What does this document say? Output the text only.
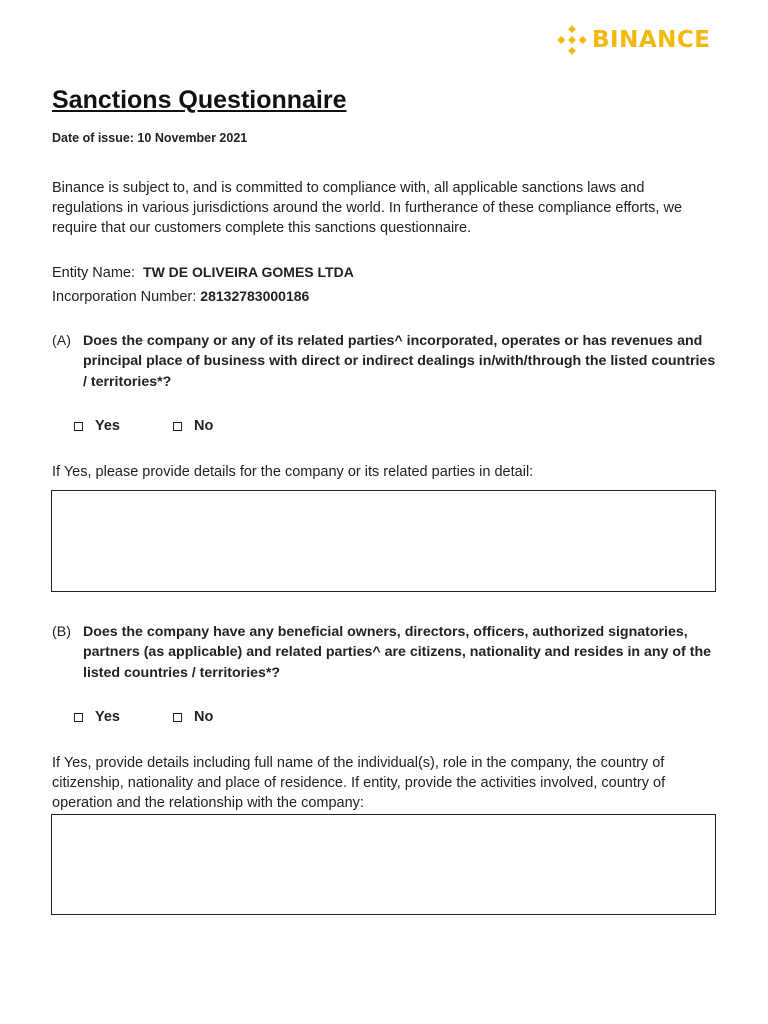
BINANCE
Sanctions Questionnaire
Date of issue: 10 November 2021

Binance is subject to, and is committed to compliance with, all applicable sanctions laws and regulations in various jurisdictions around the world. In furtherance of these compliance efforts, we require that our customers complete this sanctions questionnaire.

Entity Name: TW DE OLIVEIRA GOMES LTDA
Incorporation Number: 28132783000186
(A) Does the company or any of its related parties^ incorporated, operates or has revenues and principal place of business with direct or indirect dealings in/with/through the listed countries / territories*?
Yes	No

If Yes, please provide details for the company or its related parties in detail:

(B) Does the company have any beneficial owners, directors, officers, authorized signatories, partners (as applicable) and related parties^ are citizens, nationality and resides in any of the listed countries / territories*?
Yes	No

If Yes, provide details including full name of the individual(s), role in the company, the country of citizenship, nationality and place of residence. If entity, provide the activities involved, country of operation and the relationship with the company:
